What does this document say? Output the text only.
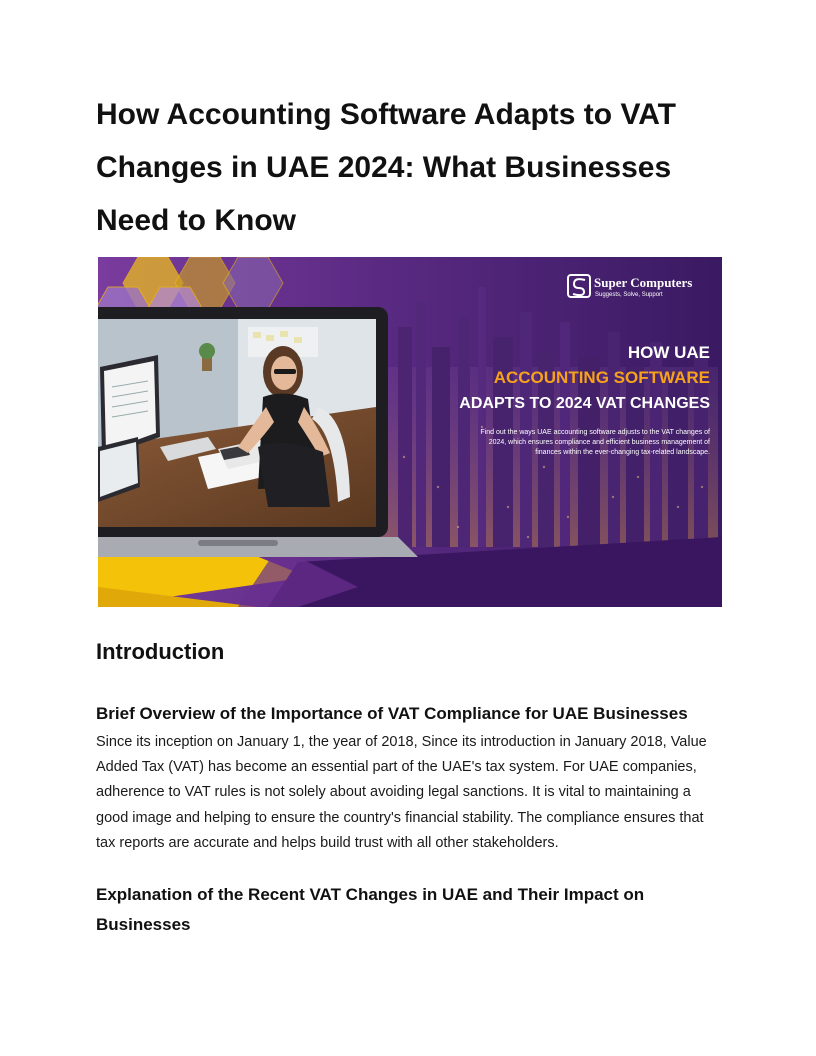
How Accounting Software Adapts to VAT Changes in UAE 2024: What Businesses Need to Know
Super Computers
Suggests, Solve, Support
HOW UAE
ACCOUNTING SOFTWARE
ADAPTS TO 2024 VAT CHANGES
Find out the ways UAE accounting software adjusts to the VAT changes of
2024, which ensures compliance and efficient business management of
finances within the ever-changing tax-related landscape.
Introduction
Brief Overview of the Importance of VAT Compliance for UAE Businesses

Since its inception on January 1, the year of 2018, Since its introduction in January 2018, Value Added Tax (VAT) has become an essential part of the UAE's tax system. For UAE companies, adherence to VAT rules is not solely about avoiding legal sanctions. It is vital to maintaining a good image and helping to ensure the country's financial stability. The compliance ensures that tax reports are accurate and helps build trust with all other stakeholders.

Explanation of the Recent VAT Changes in UAE and Their Impact on Businesses
